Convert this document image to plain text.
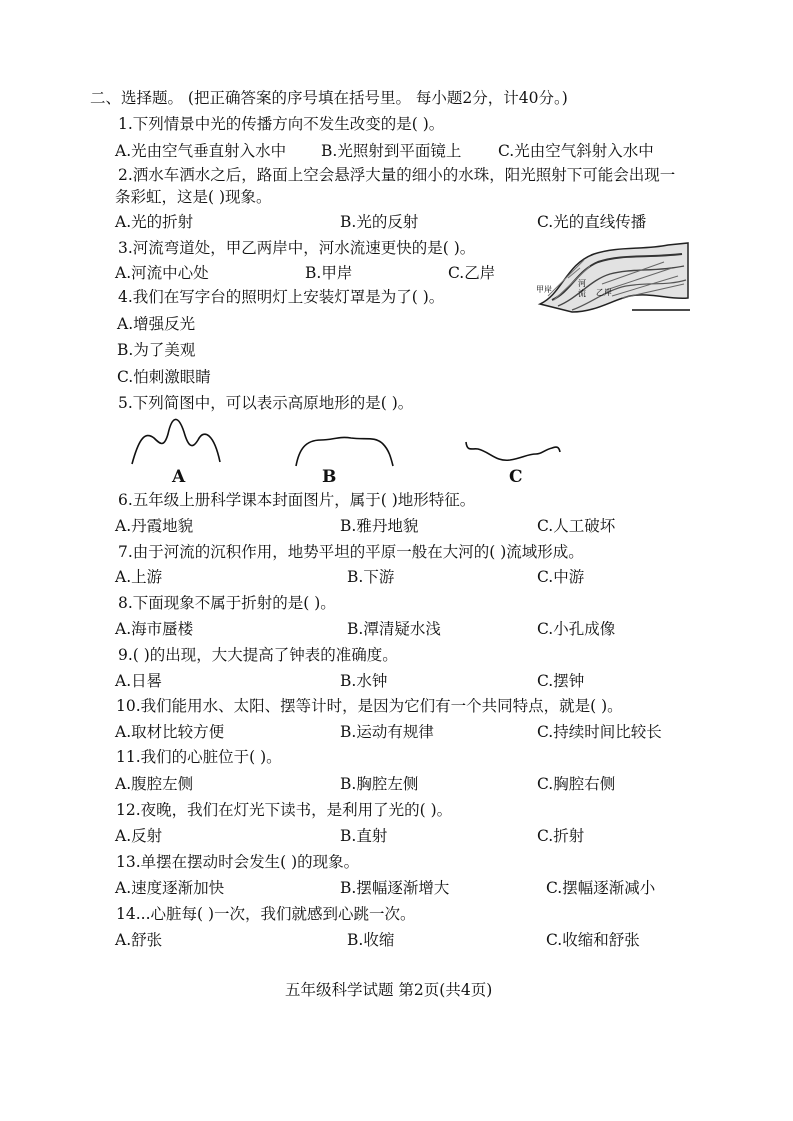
二、选择题。 (把正确答案的序号填在括号里。 每小题2分，计40分。)
1.下列情景中光的传播方向不发生改变的是( )。
A.光由空气垂直射入水中 B.光照射到平面镜上 C.光由空气斜射入水中
2.洒水车洒水之后，路面上空会悬浮大量的细小的水珠，阳光照射下可能会出现一
条彩虹，这是( )现象。
A.光的折射	B.光的反射	C.光的直线传播
3.河流弯道处，甲乙两岸中，河水流速更快的是( )。
A.河流中心处	B.甲岸	C.乙岸
甲岸
河
流 乙岸
4.我们在写字台的照明灯上安装灯罩是为了( )。
A.增强反光
B.为了美观
C.怕刺激眼睛
5.下列简图中，可以表示高原地形的是( )。
A	B	C
6.五年级上册科学课本封面图片，属于( )地形特征。
A.丹霞地貌	B.雅丹地貌	C.人工破坏
7.由于河流的沉积作用，地势平坦的平原一般在大河的( )流域形成。
A.上游	B.下游	C.中游
8.下面现象不属于折射的是( )。
A.海市蜃楼	B.潭清疑水浅	C.小孔成像
9.( )的出现，大大提高了钟表的准确度。
A.日晷	B.水钟	C.摆钟
10.我们能用水、太阳、摆等计时，是因为它们有一个共同特点，就是( )。
A.取材比较方便	B.运动有规律	C.持续时间比较长
11.我们的心脏位于( )。
A.腹腔左侧	B.胸腔左侧	C.胸腔右侧
12.夜晚，我们在灯光下读书，是利用了光的( )。
A.反射	B.直射	C.折射
13.单摆在摆动时会发生( )的现象。
A.速度逐渐加快	B.摆幅逐渐增大	C.摆幅逐渐减小
14...心脏每( )一次，我们就感到心跳一次。
A.舒张	B.收缩	C.收缩和舒张
五年级科学试题 第2页(共4页)
